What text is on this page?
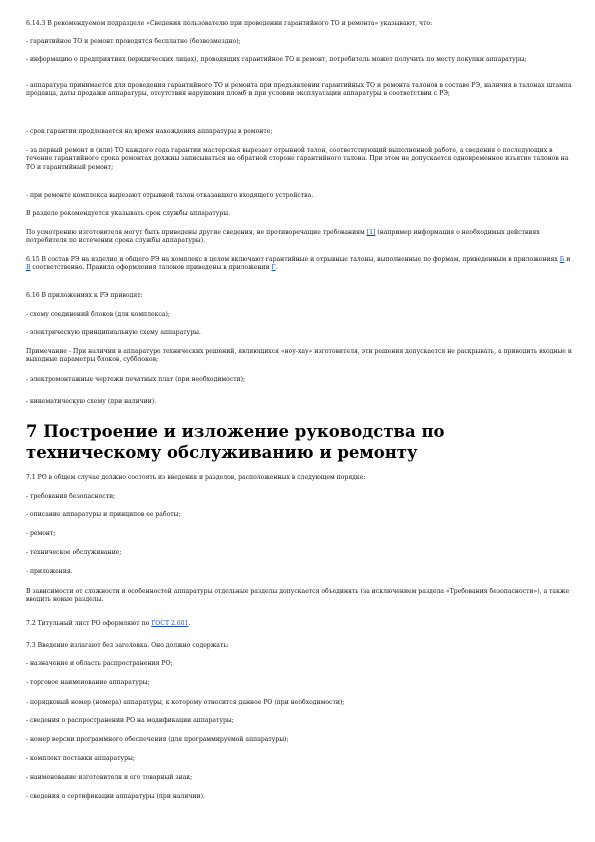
6.14.3 В рекомендуемом подразделе «Сведения пользователю при проведении гарантийного ТО и ремонта» указывают, что:

- гарантийное ТО и ремонт проводятся бесплатно (безвозмездно);

- информацию о предприятиях (юридических лицах), проводящих гарантийное ТО и ремонт, потребитель может получить по месту покупки аппаратуры;

- аппаратура принимается для проведения гарантийного ТО и ремонта при предъявлении гарантийных ТО и ремонта талонов в составе РЭ, наличия в талонах штампа продавца, даты продажи аппаратуры, отсутствия нарушения пломб и при условии эксплуатации аппаратуры в соответствии с РЭ;

- срок гарантии продлевается на время нахождения аппаратуры в ремонте;

- за первый ремонт и (или) ТО каждого года гарантии мастерская вырезает отрывной талон, соответствующий выполненной работе, а сведения о последующих в течение гарантийного срока ремонтах должны записываться на обратной стороне гарантийного талона. При этом не допускается одновременное изъятие талонов на ТО и гарантийный ремонт;

- при ремонте комплекса вырезают отрывной талон отказавшего входящего устройства.

В разделе рекомендуется указывать срок службы аппаратуры.

По усмотрению изготовителя могут быть приведены другие сведения, не противоречащие требованиям [1] (например информация о необходимых действиях потребителя по истечении срока службы аппаратуры).

6.15 В состав РЭ на изделие и общего РЭ на комплекс в целом включают гарантийные и отрывные талоны, выполненные по формам, приведенным в приложениях Б и В соответственно. Правила оформления талонов приведены в приложении Г.

6.16 В приложениях к РЭ приводят:

- схему соединений блоков (для комплекса);

- электрическую принципиальную схему аппаратуры.

Примечание - При наличии в аппаратуре технических решений, являющихся «ноу-хау» изготовителя, эти решения допускается не раскрывать, а приводить входные и выходные параметры блоков, субблоков;

- электромонтажные чертежи печатных плат (при необходимости);

- кинематическую схему (при наличии).

7 Построение и изложение руководства по техническому обслуживанию и ремонту

7.1 РО в общем случае должно состоять из введения и разделов, расположенных в следующем порядке:

- требования безопасности;

- описание аппаратуры и принципов ее работы;

- ремонт;

- техническое обслуживание;

- приложения.

В зависимости от сложности и особенностей аппаратуры отдельные разделы допускается объединять (за исключением раздела «Требования безопасности»), а также вводить новые разделы.

7.2 Титульный лист РО оформляют по ГОСТ 2.601.

7.3 Введение излагают без заголовка. Оно должно содержать:

- назначение и область распространения РО;

- торговое наименование аппаратуры;

- порядковый номер (номера) аппаратуры, к которому относится данное РО (при необходимости);

- сведения о распространении РО на модификации аппаратуры;

- номер версии программного обеспечения (для программируемой аппаратуры);

- комплект поставки аппаратуры;

- наименование изготовителя и его товарный знак;

- сведения о сертификации аппаратуры (при наличии).
